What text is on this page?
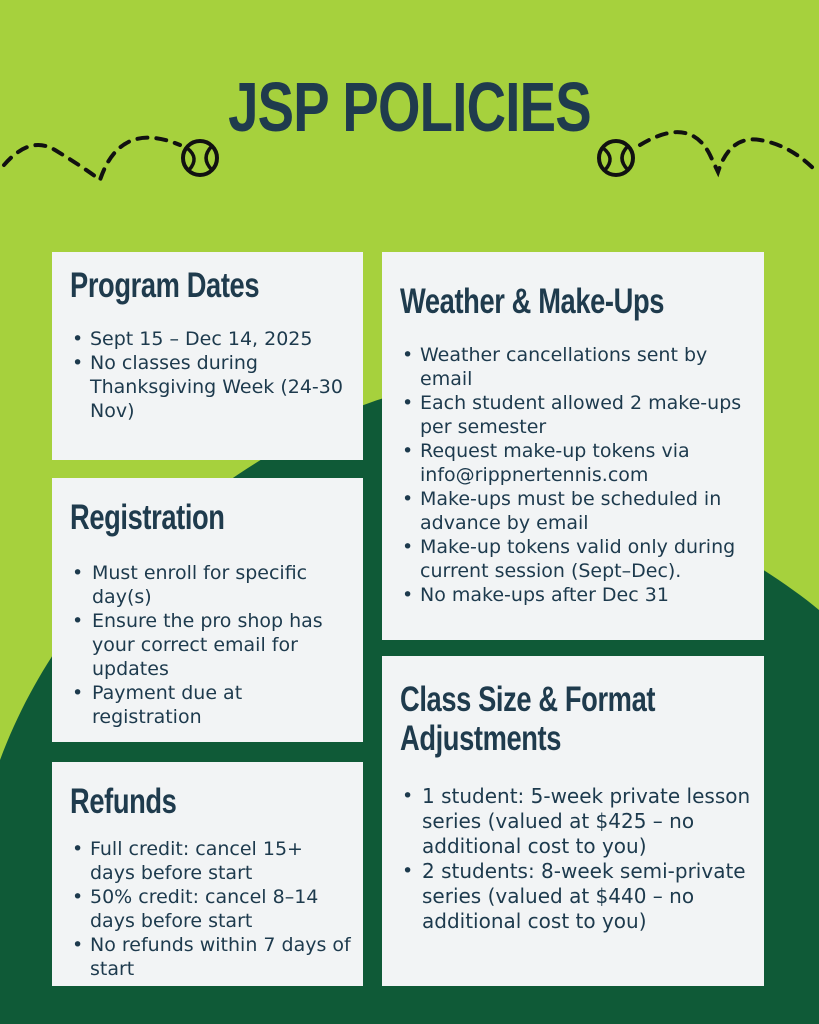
JSP POLICIES
Program Dates
• Sept 15 – Dec 14, 2025
• No classes during Thanksgiving Week (24-30 Nov)
Registration
• Must enroll for specific day(s)
• Ensure the pro shop has your correct email for updates
• Payment due at registration
Refunds
• Full credit: cancel 15+ days before start
• 50% credit: cancel 8–14 days before start
• No refunds within 7 days of start
Weather & Make-Ups
• Weather cancellations sent by email
• Each student allowed 2 make-ups per semester
• Request make-up tokens via info@rippnertennis.com
• Make-ups must be scheduled in advance by email
• Make-up tokens valid only during current session (Sept–Dec).
• No make-ups after Dec 31
Class Size & Format Adjustments
• 1 student: 5-week private lesson series (valued at $425 – no additional cost to you)
• 2 students: 8-week semi-private series (valued at $440 – no additional cost to you)
